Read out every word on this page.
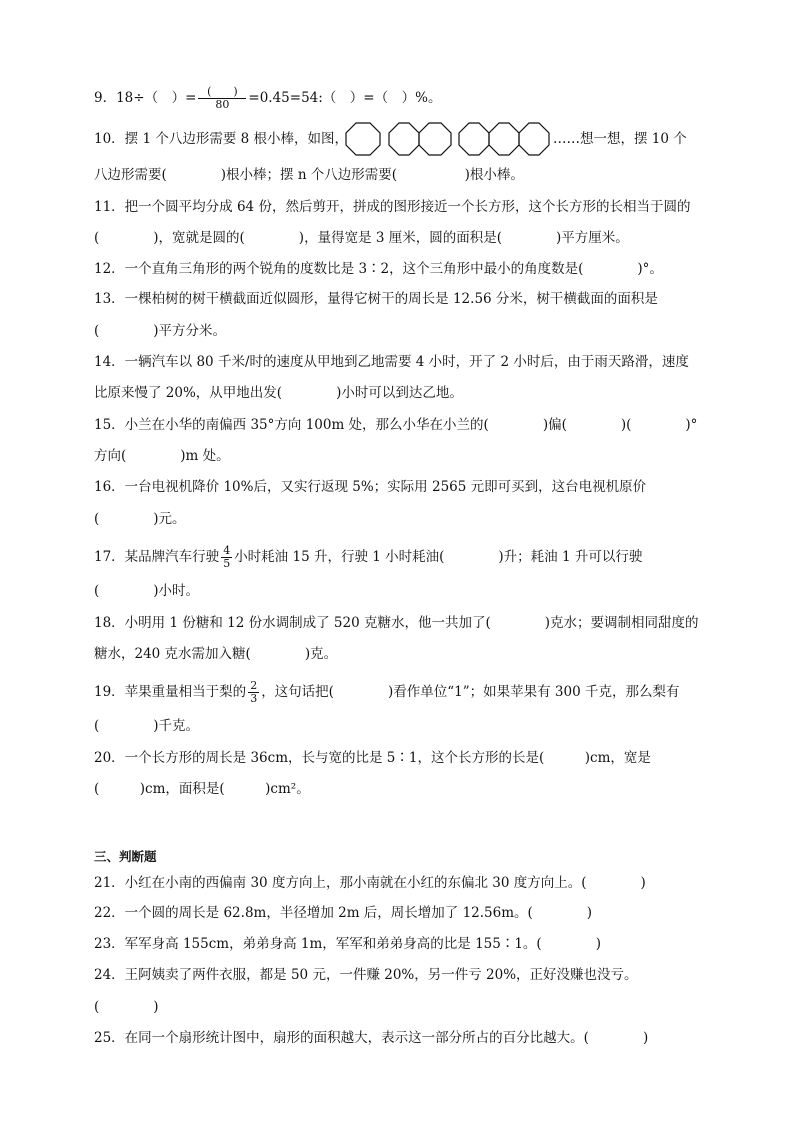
9．18÷（　）= $\frac{( )}{80}$ =0.45=54:（　）=（　）%。
10．摆 1 个八边形需要 8 根小棒，如图，	……想一想，摆 10 个
八边形需要(　　　　)根小棒；摆 n 个八边形需要(　　　　　)根小棒。
11．把一个圆平均分成 64 份，然后剪开，拼成的图形接近一个长方形，这个长方形的长相当于圆的
(　　　　)，宽就是圆的(　　　　)，量得宽是 3 厘米，圆的面积是(　　　　)平方厘米。
12．一个直角三角形的两个锐角的度数比是 3∶2，这个三角形中最小的角度数是(　　　　)°。
13．一棵柏树的树干横截面近似圆形，量得它树干的周长是 12.56 分米，树干横截面的面积是
(　　　　)平方分米。
14．一辆汽车以 80 千米/时的速度从甲地到乙地需要 4 小时，开了 2 小时后，由于雨天路滑，速度
比原来慢了 20%，从甲地出发(　　　　)小时可以到达乙地。
15．小兰在小华的南偏西 35°方向 100m 处，那么小华在小兰的(　　　　)偏(　　　　)(　　　　)°
方向(　　　　)m 处。
16．一台电视机降价 10%后，又实行返现 5%；实际用 2565 元即可买到，这台电视机原价
(　　　　)元。
17．某品牌汽车行驶 $\frac{4}{5}$ 小时耗油 15 升，行驶 1 小时耗油(　　　　)升；耗油 1 升可以行驶
(　　　　)小时。
18．小明用 1 份糖和 12 份水调制成了 520 克糖水，他一共加了(　　　　)克水；要调制相同甜度的
糖水，240 克水需加入糖(　　　　)克。
19．苹果重量相当于梨的 $\frac{2}{3}$ ，这句话把(　　　　)看作单位“1”；如果苹果有 300 千克，那么梨有
(　　　　)千克。
20．一个长方形的周长是 36cm，长与宽的比是 5∶1，这个长方形的长是(　　　)cm，宽是
(　　　)cm，面积是(　　　)cm²。
三、判断题
21．小红在小南的西偏南 30 度方向上，那小南就在小红的东偏北 30 度方向上。(　　　　)
22．一个圆的周长是 62.8m，半径增加 2m 后，周长增加了 12.56m。(　　　　)
23．军军身高 155cm，弟弟身高 1m，军军和弟弟身高的比是 155∶1。(　　　　)
24．王阿姨卖了两件衣服，都是 50 元，一件赚 20%，另一件亏 20%，正好没赚也没亏。
(　　　　)
25．在同一个扇形统计图中，扇形的面积越大，表示这一部分所占的百分比越大。(　　　　)
